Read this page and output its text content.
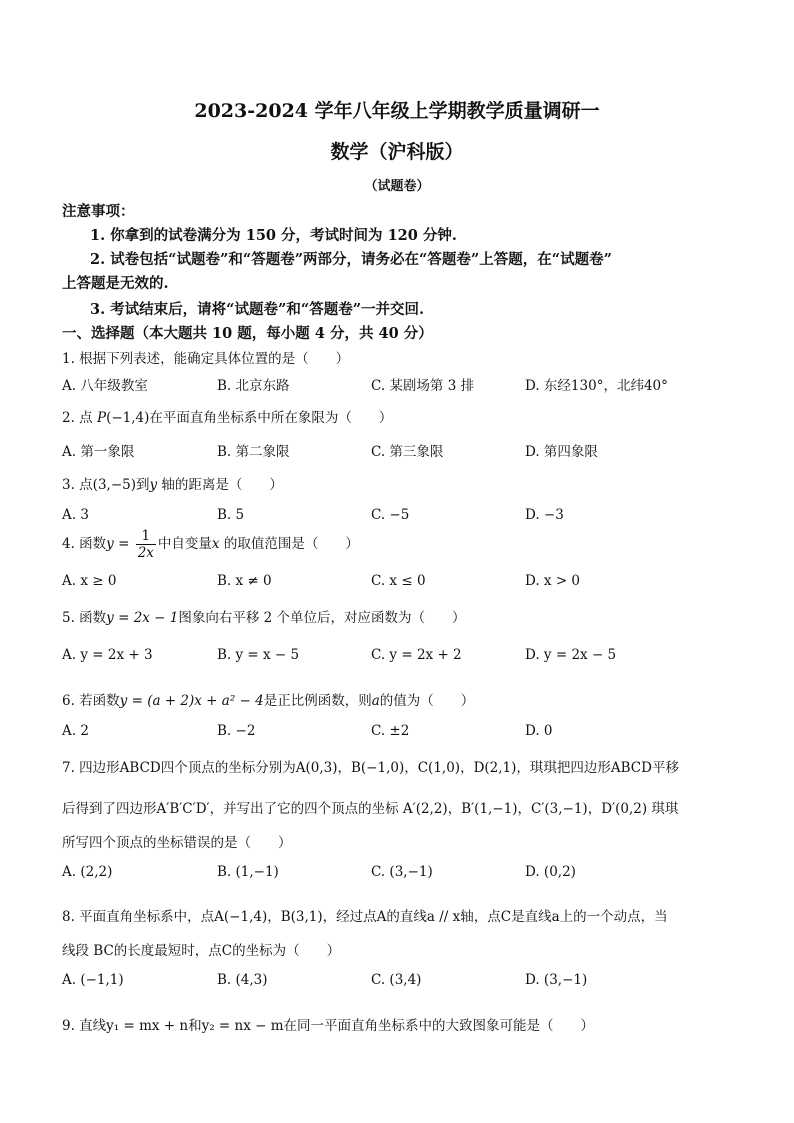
2023-2024 学年八年级上学期教学质量调研一
数学（沪科版）
（试题卷）
注意事项：
1. 你拿到的试卷满分为 150 分，考试时间为 120 分钟.
2. 试卷包括“试题卷”和“答题卷”两部分，请务必在“答题卷”上答题，在“试题卷”
上答题是无效的.
3. 考试结束后，请将“试题卷”和“答题卷”一并交回.
一、选择题（本大题共 10 题，每小题 4 分，共 40 分）
1. 根据下列表述，能确定具体位置的是（　　）
A. 八年级教室	B. 北京东路	C. 某剧场第 3 排	D. 东经130°，北纬40°
2. 点 P(−1,4)在平面直角坐标系中所在象限为（　　）
A. 第一象限	B. 第二象限	C. 第三象限	D. 第四象限
3. 点(3,−5)到y 轴的距离是（　　）
A. 3	B. 5	C. −5	D. −3
4. 函数$y = \frac{1}{2x}$ 中自变量x 的取值范围是（　　）
A. x ≥ 0	B. x ≠ 0	C. x ≤ 0	D. x > 0
5. 函数y = 2x − 1图象向右平移 2 个单位后，对应函数为（　　）
A. y = 2x + 3	B. y = x − 5	C. y = 2x + 2	D. y = 2x − 5
6. 若函数y = (a + 2)x + a² − 4是正比例函数，则a的值为（　　）
A. 2	B. −2	C. ±2	D. 0
7. 四边形ABCD四个顶点的坐标分别为A(0,3)，B(−1,0)，C(1,0)，D(2,1)，琪琪把四边形ABCD平移
后得到了四边形A′B′C′D′，并写出了它的四个顶点的坐标 A′(2,2)，B′(1,−1)，C′(3,−1)，D′(0,2) 琪琪
所写四个顶点的坐标错误的是（　　）
A. (2,2)	B. (1,−1)	C. (3,−1)	D. (0,2)
8. 平面直角坐标系中，点A(−1,4)，B(3,1)，经过点A的直线a // x轴，点C是直线a上的一个动点，当
线段 BC的长度最短时，点C的坐标为（　　）
A. (−1,1)	B. (4,3)	C. (3,4)	D. (3,−1)
9. 直线y₁ = mx + n和y₂ = nx − m在同一平面直角坐标系中的大致图象可能是（　　）
